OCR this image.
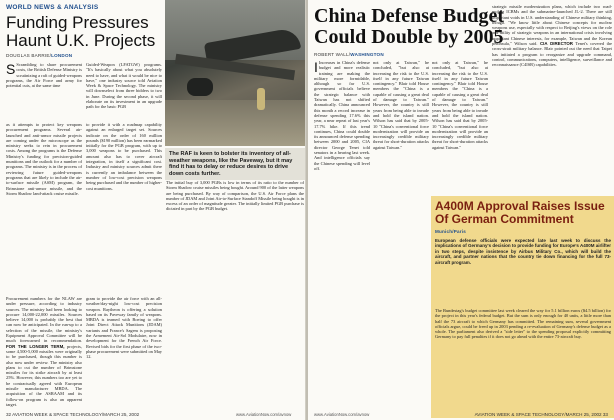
WORLD NEWS & ANALYSIS
Funding Pressures Haunt U.K. Projects
DOUGLAS BARRIE/LONDON
S Scrambling to share procurement costs, the British Defense Ministry is scrutinizing a raft of guided-weapons programs, the Air Force and army for potential cuts, at the same time
Guided-Weapon (LFATGW) programs. "It's basically about what you absolutely need to have, and what it would be nice to have," one industry source told Aviation Week & Space Technology. The ministry will downselect from three bidders to two in June. During the second phase, it will elaborate on its investment in an upgrade path for the basic PGB
The RAF is keen to bolster its inventory of all-weather weapons, like the Paveway, but it may find it has to delay or reduce desires to drive down costs further.
as it attempts to protect key weapons procurement programs. Several air-launched and anti-armor missile projects are coming under the microscope as the ministry seeks to rein in procurement costs. Among the programs is the Defense Ministry's funding for precision-guided munitions and the outlook for a number of programs. The ministry is in the process of reviewing future guided-weapons programs that are likely to include the air-to-surface missile (ASM) program, the Brimstone anti-armor missile, and the Storm Shadow land-attack cruise missile.
to provide it with a roadmap capability against an enlarged target set. Sources indicate on the order of 160 million pounds ($190 million) has been earmarked initially for the PGB program, with up to 3,000 weapons to be purchased. This amount also has to cover aircraft integration, in itself a significant cost. Industry and ministry sources admit there is currently an imbalance between the number of low-cost precision weapons being purchased and the number of higher-cost munitions.
Procurement numbers for the NLAW are under pressure, according to industry sources. The ministry had been looking to procure 14,000-22,000 missiles. Sources believe 14,000 is probably the best that can now be anticipated. In the run-up to a selection of the missile, the ministry's Equipment Approval Committee will be much forewarned in recommendation. FOR THE LONGER TERM, projects, some 4,500-5,000 missiles were originally to be purchased, though this number is also now under review. The ministry also plans to cut the number of Brimstone missiles for its strike aircraft by at least 25%. However, this numbers too are yet to be contractually agreed with European missile manufacturer MBDA. The acquisition of the ASRAAM and its follow-on program is also an apparent target.
gram to provide the air force with an all-weather/day-night low-cost precision weapon. Raytheon is offering a solution based on its Paveway family of weapons. MBDA is teamed with Boeing to offer Joint Direct Attack Munitions (JDAM) variants and France's Sagem is proposing the Armement Air-Sol Modulaire, now in development for the French Air Force. Revised bids for the first phase of the two-phase procurement were submitted on May 12.
The initial buy of 3,000 PGBs is low in terms of its ratio to the number of Storm Shadow cruise missiles being bought. Around 900 of the latter weapons are being purchased. By way of comparison, the U.S. Air Force plans the number of JDAM and Joint Air-to-Surface Standoff Missile being bought is in excess of an order of magnitude greater. The initially limited PGB purchase is dictated in part by the PGB budget.
32 AVIATION WEEK & SPACE TECHNOLOGY/MARCH 25, 2002	www.AviationNow.com/avnow
China Defense Budget Could Double by 2005
ROBERT WALL/WASHINGTON
I Increases in China's defense budget and more realistic training are making the military more formidable, although so far U.S. government officials believe the strategic balance with Taiwan has not shifted dramatically. China announced this month a record increase in defense spending 17.6% this year, a near repeat of last year's 17.7% hike. If this trend continues, China could double its announced defense spending between 2000 and 2005, CIA director George Tenet told senators in a hearing last week. And intelligence officials say the Chinese spending will level off.
not only at Taiwan," he concluded, "but also at increasing the risk to the U.S. itself in any future Taiwan contingency." Blair told House members the "China is a capable of causing a great deal of damage to Taiwan." However, the country is still years from being able to invade and hold the island nation. Wilson has said that by 2005-10 "China's conventional force modernization will provide an increasingly credible military threat for short-duration attacks against Taiwan."
not only at Taiwan," he concluded, "but also at increasing the risk to the U.S. itself in any future Taiwan contingency." Blair told House members the "China is a capable of causing a great deal of damage to Taiwan." However, the country is still years from being able to invade and hold the island nation. Wilson has said that by 2005-10 "China's conventional force modernization will provide an increasingly credible military threat for short-duration attacks against Taiwan."
strategic missile modernization plans, which include two road-mobile ICBMs and the submarine-launched JL-2. There are still important voids in U.S. understanding of Chinese military thinking, though. "We know little about Chinese concepts for nuclear weapons use, especially with respect to Beijing's views on the role and utility of strategic weapons in an international crisis involving important Chinese interests, for example, Taiwan and the Korean peninsula," Wilson said. CIA DIRECTOR Tenet's covered the cross-strait military balance. Blair pointed out the need that Taipei has initiated a program to reorganize and upgrade command, control, communications, computers, intelligence, surveillance and reconnaissance (C4ISR) capabilities.
A400M Approval Raises Issue Of German Commitment
Munich/Paris
European defense officials were expected late last week to discuss the implications of Germany's decision to provide funding for Europe's A400M airlifter in two steps, despite insistence by Airbus Military Co., which will build the aircraft, and partner nations that the country tie down financing for the full 73-aircraft program.
The Bundestag's budget committee last week cleared the way for 5.1 billion euros ($4.5 billion) for the project in this year's federal budget. But the sum is only enough for 40 units, a little more than half the 73 aircraft to which Germany has committed. The remaining sum, several government officials argue, could be freed up in 2003 pending a re-evaluation of Germany's defense budget as a whole. The parliament also derived a "side letter" to the spending proposal explicitly committing Germany to pay full penalties if it does not go ahead with the entire 73-aircraft buy.
www.AviationNow.com/avnow	AVIATION WEEK & SPACE TECHNOLOGY/MARCH 25, 2002 33
